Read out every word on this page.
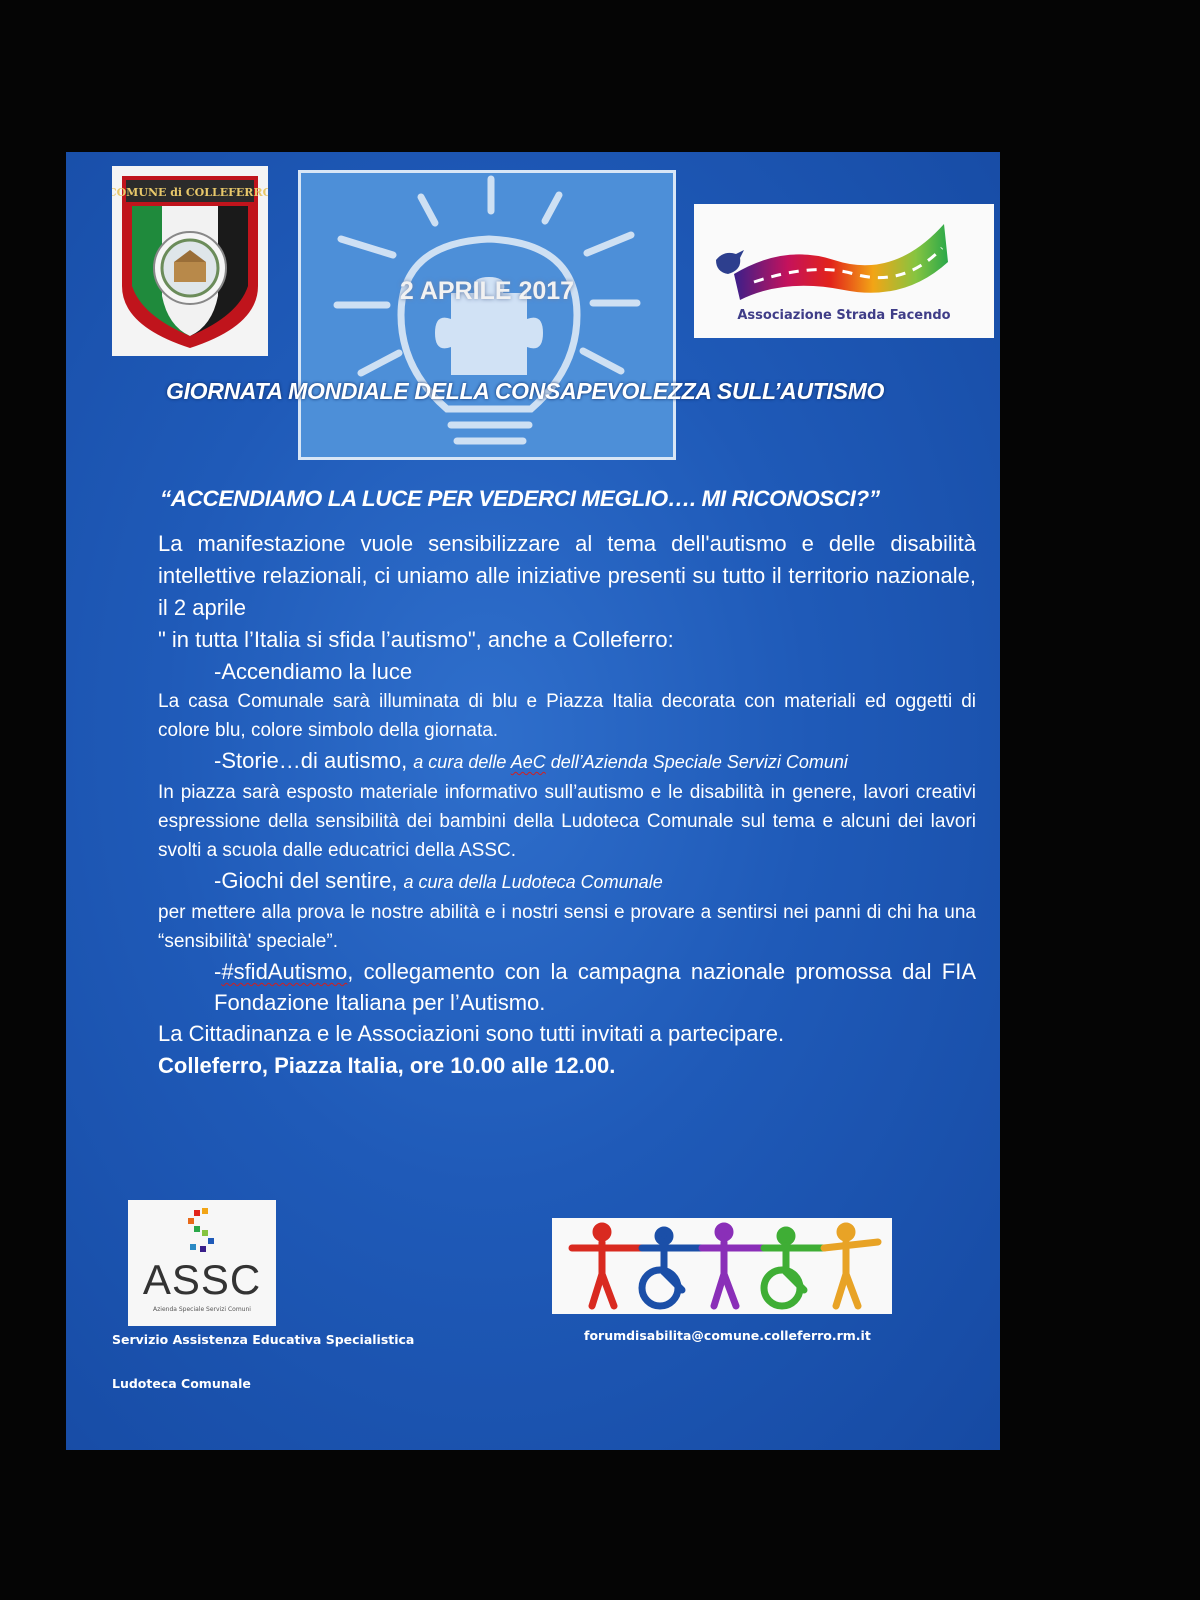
COMUNE di COLLEFERRO
2 APRILE 2017
Associazione Strada Facendo
GIORNATA MONDIALE DELLA CONSAPEVOLEZZA SULL’AUTISMO
“ACCENDIAMO LA LUCE PER VEDERCI MEGLIO…. MI RICONOSCI?”

La manifestazione vuole sensibilizzare al tema dell'autismo e delle disabilità intellettive relazionali, ci uniamo alle iniziative presenti su tutto il territorio nazionale, il 2 aprile

" in tutta l’Italia si sfida l’autismo", anche a Colleferro:

-Accendiamo la luce

La casa Comunale sarà illuminata di blu e Piazza Italia decorata con materiali ed oggetti di colore blu, colore simbolo della giornata.

-Storie…di autismo, a cura delle AeC dell’Azienda Speciale Servizi Comuni

In piazza sarà esposto materiale informativo sull’autismo e le disabilità in genere, lavori creativi espressione della sensibilità dei bambini della Ludoteca Comunale sul tema e alcuni dei lavori svolti a scuola dalle educatrici della ASSC.

-Giochi del sentire, a cura della Ludoteca Comunale

per mettere alla prova le nostre abilità e i nostri sensi e provare a sentirsi nei panni di chi ha una “sensibilità' speciale”.

-#sfidAutismo, collegamento con la campagna nazionale promossa dal FIA Fondazione Italiana per l’Autismo.

La Cittadinanza e le Associazioni sono tutti invitati a partecipare.

Colleferro, Piazza Italia, ore 10.00 alle 12.00.

ASSC
Azienda Speciale Servizi Comuni
Servizio Assistenza Educativa Specialistica
Ludoteca Comunale
forumdisabilita@comune.colleferro.rm.it
